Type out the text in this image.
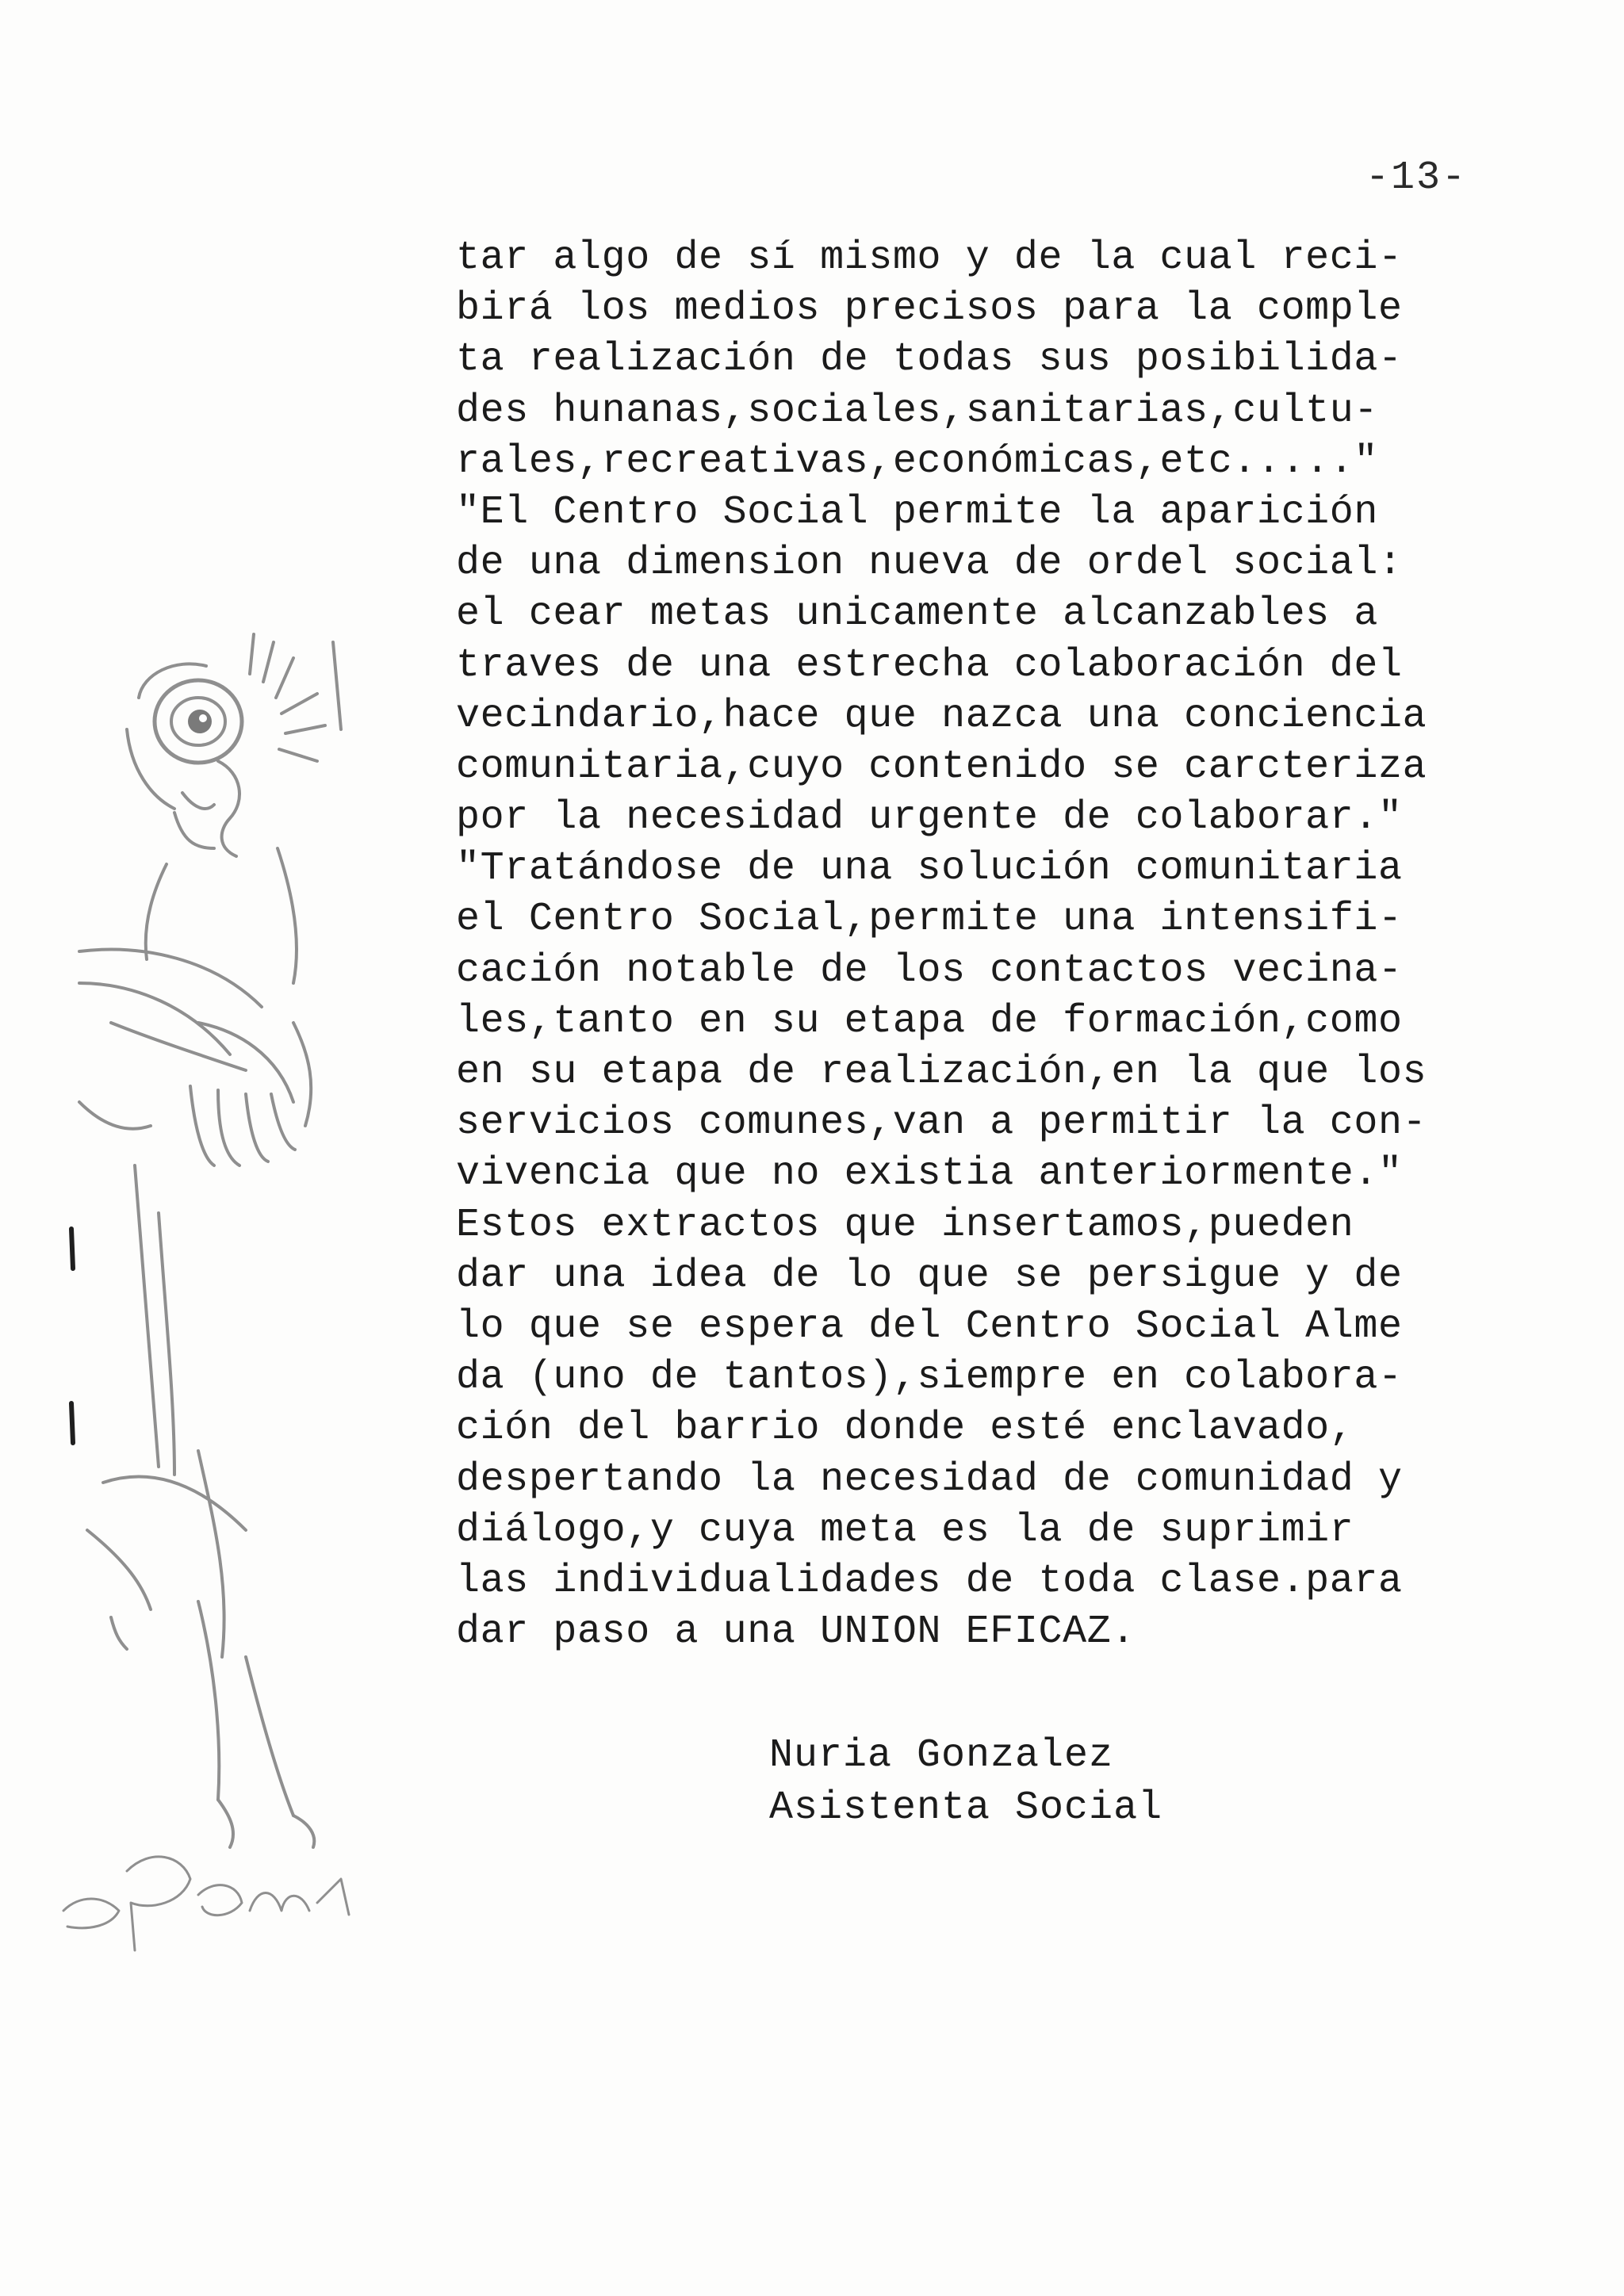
-13-
tar algo de sí mismo y de la cual reci-
birá los medios precisos para la comple
ta realización de todas sus posibilida-
des hunanas,sociales,sanitarias,cultu-
rales,recreativas,económicas,etc....."
"El Centro Social permite la aparición
de una dimension nueva de ordel social:
el cear metas unicamente alcanzables a
traves de una estrecha colaboración del
vecindario,hace que nazca una conciencia
comunitaria,cuyo contenido se carcteriza
por la necesidad urgente de colaborar."
"Tratándose de una solución comunitaria
el Centro Social,permite una intensifi-
cación notable de los contactos vecina-
les,tanto en su etapa de formación,como
en su etapa de realización,en la que los
servicios comunes,van a permitir la con-
vivencia que no existia anteriormente."
Estos extractos que insertamos,pueden
dar una idea de lo que se persigue y de
lo que se espera del Centro Social Alme
da (uno de tantos),siempre en colabora-
ción del barrio donde esté enclavado,
despertando la necesidad de comunidad y
diálogo,y cuya meta es la de suprimir
las individualidades de toda clase.para
dar paso a una UNION EFICAZ.
Nuria Gonzalez
Asistenta Social
